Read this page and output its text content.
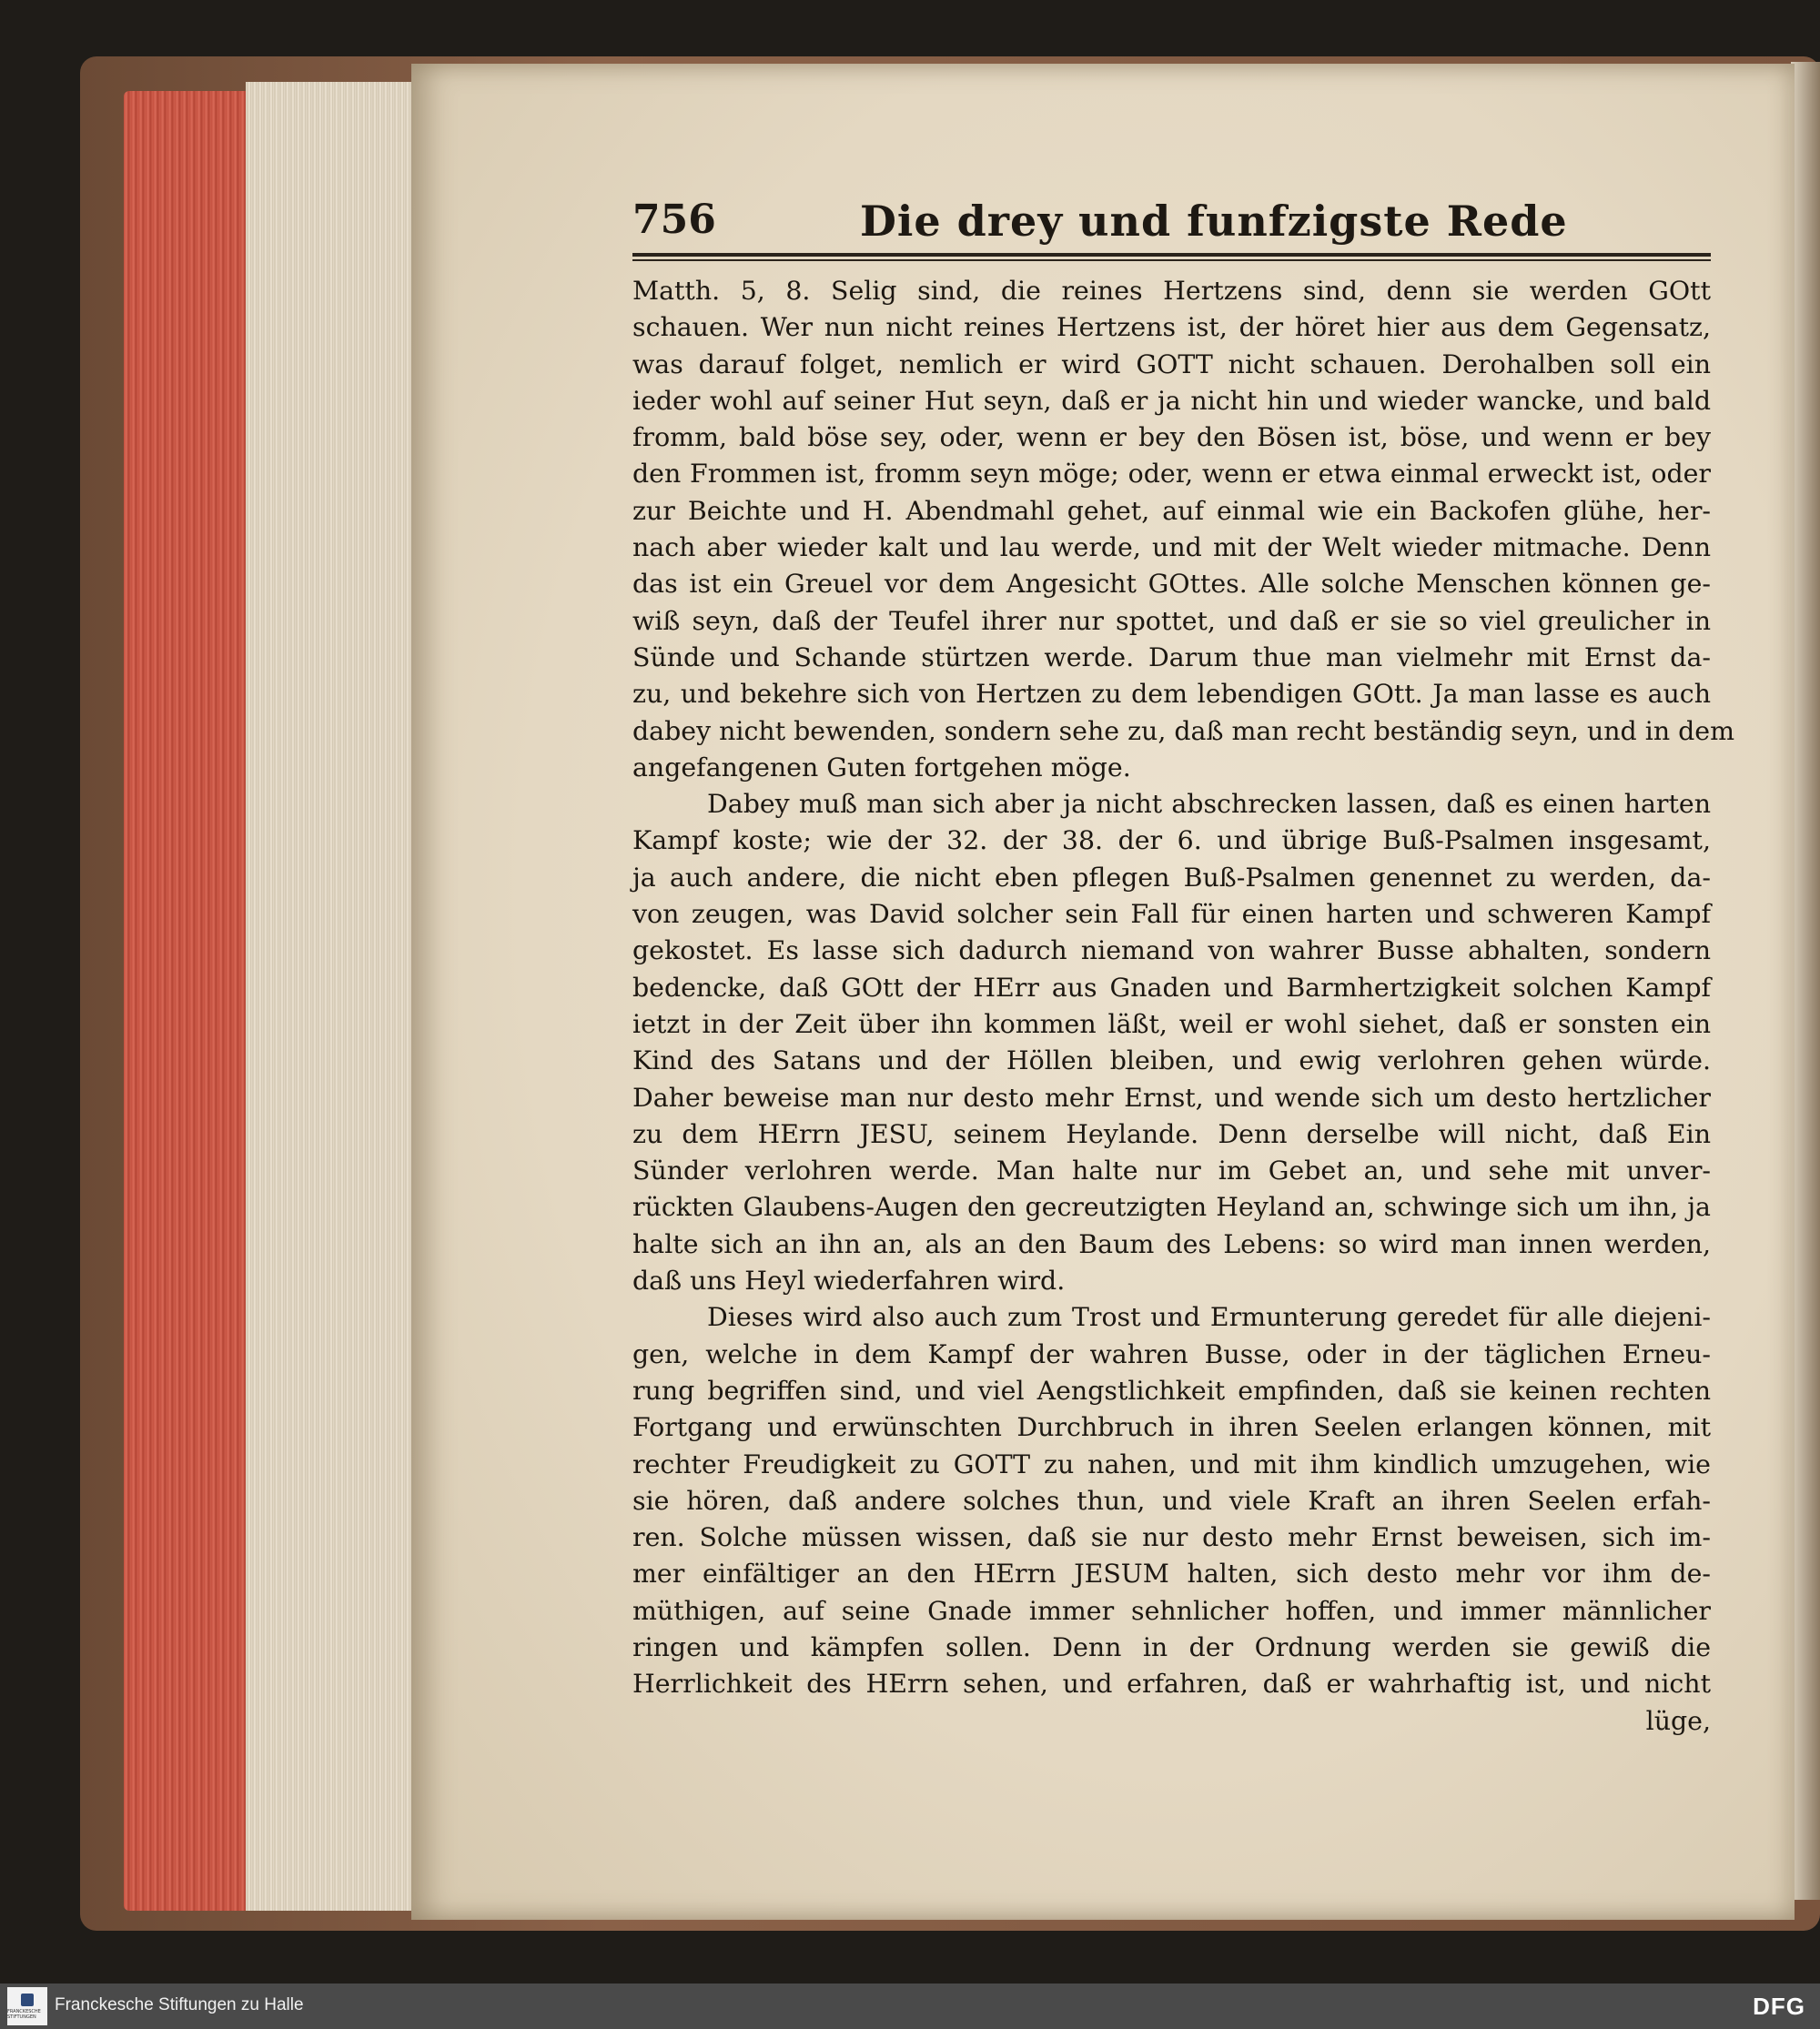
756	Die drey und funfzigste Rede
Matth. 5, 8. Selig sind, die reines Hertzens sind, denn sie werden GOtt
schauen. Wer nun nicht reines Hertzens ist, der höret hier aus dem Gegensatz,
was darauf folget, nemlich er wird GOTT nicht schauen. Derohalben soll ein
ieder wohl auf seiner Hut seyn, daß er ja nicht hin und wieder wancke, und bald
fromm, bald böse sey, oder, wenn er bey den Bösen ist, böse, und wenn er bey
den Frommen ist, fromm seyn möge; oder, wenn er etwa einmal erweckt ist, oder
zur Beichte und H. Abendmahl gehet, auf einmal wie ein Backofen glühe, her-
nach aber wieder kalt und lau werde, und mit der Welt wieder mitmache. Denn
das ist ein Greuel vor dem Angesicht GOttes. Alle solche Menschen können ge-
wiß seyn, daß der Teufel ihrer nur spottet, und daß er sie so viel greulicher in
Sünde und Schande stürtzen werde. Darum thue man vielmehr mit Ernst da-
zu, und bekehre sich von Hertzen zu dem lebendigen GOtt. Ja man lasse es auch
dabey nicht bewenden, sondern sehe zu, daß man recht beständig seyn, und in dem
angefangenen Guten fortgehen möge.
Dabey muß man sich aber ja nicht abschrecken lassen, daß es einen harten
Kampf koste; wie der 32. der 38. der 6. und übrige Buß-Psalmen insgesamt,
ja auch andere, die nicht eben pflegen Buß-Psalmen genennet zu werden, da-
von zeugen, was David solcher sein Fall für einen harten und schweren Kampf
gekostet. Es lasse sich dadurch niemand von wahrer Busse abhalten, sondern
bedencke, daß GOtt der HErr aus Gnaden und Barmhertzigkeit solchen Kampf
ietzt in der Zeit über ihn kommen läßt, weil er wohl siehet, daß er sonsten ein
Kind des Satans und der Höllen bleiben, und ewig verlohren gehen würde.
Daher beweise man nur desto mehr Ernst, und wende sich um desto hertzlicher
zu dem HErrn JESU, seinem Heylande. Denn derselbe will nicht, daß Ein
Sünder verlohren werde. Man halte nur im Gebet an, und sehe mit unver-
rückten Glaubens-Augen den gecreutzigten Heyland an, schwinge sich um ihn, ja
halte sich an ihn an, als an den Baum des Lebens: so wird man innen werden,
daß uns Heyl wiederfahren wird.
Dieses wird also auch zum Trost und Ermunterung geredet für alle diejeni-
gen, welche in dem Kampf der wahren Busse, oder in der täglichen Erneu-
rung begriffen sind, und viel Aengstlichkeit empfinden, daß sie keinen rechten
Fortgang und erwünschten Durchbruch in ihren Seelen erlangen können, mit
rechter Freudigkeit zu GOTT zu nahen, und mit ihm kindlich umzugehen, wie
sie hören, daß andere solches thun, und viele Kraft an ihren Seelen erfah-
ren. Solche müssen wissen, daß sie nur desto mehr Ernst beweisen, sich im-
mer einfältiger an den HErrn JESUM halten, sich desto mehr vor ihm de-
müthigen, auf seine Gnade immer sehnlicher hoffen, und immer männlicher
ringen und kämpfen sollen. Denn in der Ordnung werden sie gewiß die
Herrlichkeit des HErrn sehen, und erfahren, daß er wahrhaftig ist, und nicht
lüge,
FRANCKESCHE STIFTUNGEN
Franckesche Stiftungen zu Halle	DFG
